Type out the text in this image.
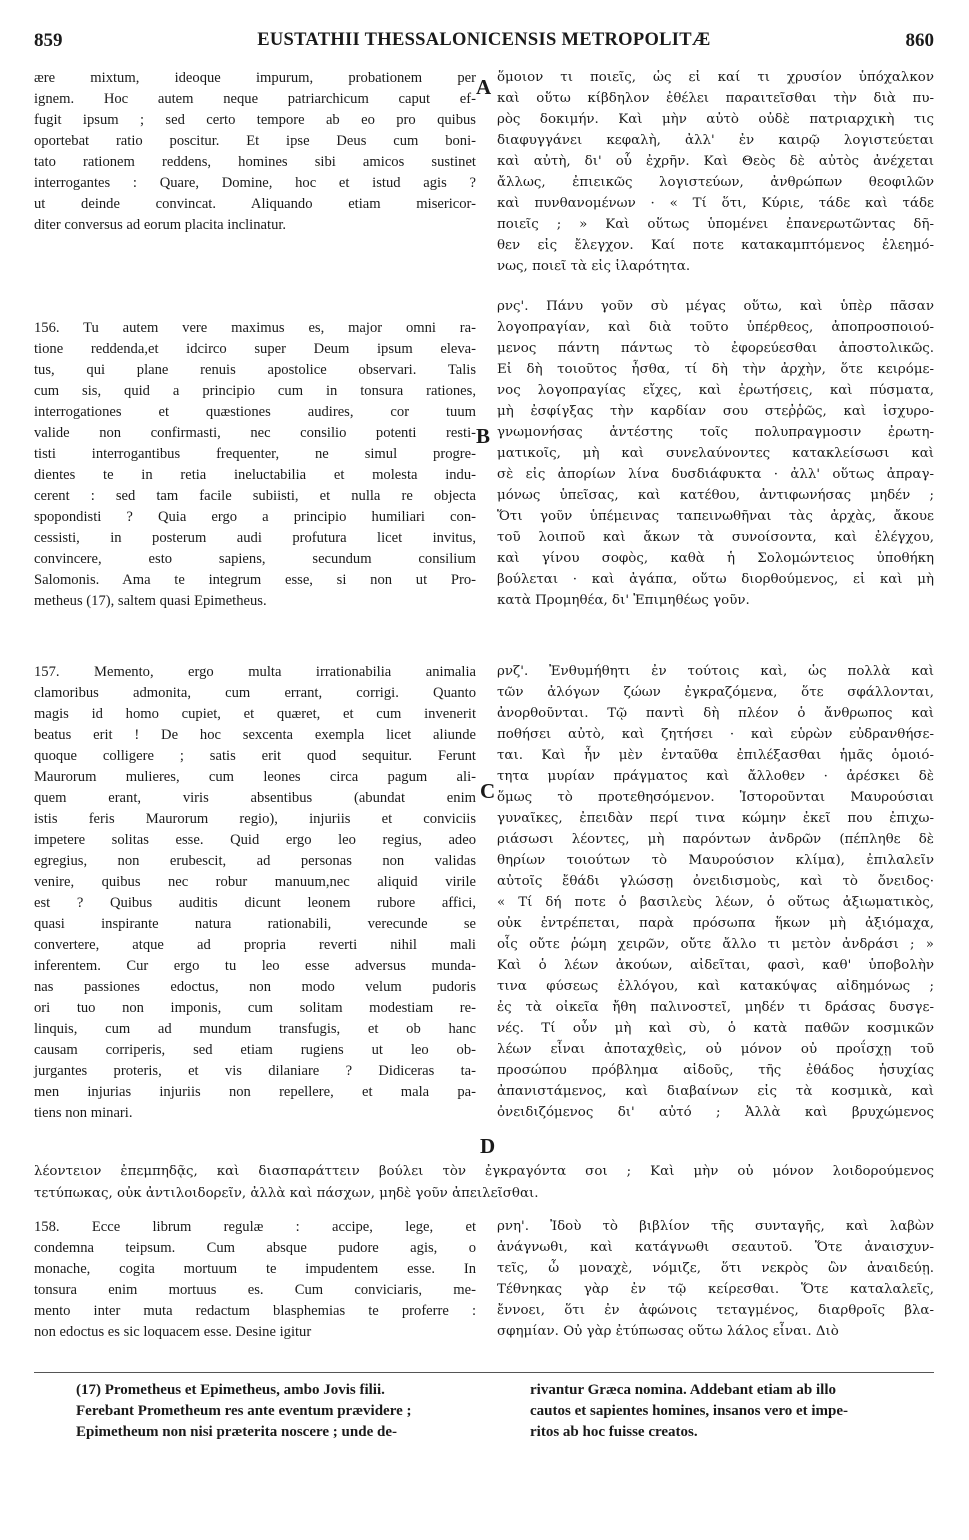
859	EUSTATHII THESSALONICENSIS METROPOLITÆ	860
ære mixtum, ideoque impurum, probationem per
ignem. Hoc autem neque patriarchicum caput ef-
fugit ipsum ; sed certo tempore ab eo pro quibus
oportebat ratio poscitur. Et ipse Deus cum boni-
tato rationem reddens, homines sibi amicos sustinet
interrogantes : Quare, Domine, hoc et istud agis ?
ut deinde convincat. Aliquando etiam misericor-
diter conversus ad eorum placita inclinatur.
156. Tu autem vere maximus es, major omni ra-
tione reddenda,et idcirco super Deum ipsum eleva-
tus, qui plane renuis apostolice observari. Talis
cum sis, quid a principio cum in tonsura rationes,
interrogationes et quæstiones audires, cor tuum
valide non confirmasti, nec consilio potenti resti-
tisti interrogantibus frequenter, ne simul progre-
dientes te in retia ineluctabilia et molesta indu-
cerent : sed tam facile subiisti, et nulla re objecta
spopondisti ? Quia ergo a principio humiliari con-
cessisti, in posterum audi profutura licet invitus,
convincere, esto sapiens, secundum consilium
Salomonis. Ama te integrum esse, si non ut Pro-
metheus (17), saltem quasi Epimetheus.
157. Memento, ergo multa irrationabilia animalia
clamoribus admonita, cum errant, corrigi. Quanto
magis id homo cupiet, et quæret, et cum invenerit
beatus erit ! De hoc sexcenta exempla licet aliunde
quoque colligere ; satis erit quod sequitur. Ferunt
Maurorum mulieres, cum leones circa pagum ali-
quem erant, viris absentibus (abundat enim
istis feris Maurorum regio), injuriis et conviciis
impetere solitas esse. Quid ergo leo regius, adeo
egregius, non erubescit, ad personas non validas
venire, quibus nec robur manuum,nec aliquid virile
est ? Quibus auditis dicunt leonem rubore affici,
quasi inspirante natura rationabili, verecunde se
convertere, atque ad propria reverti nihil mali
inferentem. Cur ergo tu leo esse adversus munda-
nas passiones edoctus, non modo velum pudoris
ori tuo non imponis, cum solitam modestiam re-
linquis, cum ad mundum transfugis, et ob hanc
causam corriperis, sed etiam rugiens ut leo ob-
jurgantes proteris, et vis dilaniare ? Didiceras ta-
men injurias injuriis non repellere, et mala pa-
tiens non minari.
158. Ecce librum regulæ : accipe, lege, et
condemna teipsum. Cum absque pudore agis, o
monache, cogita mortuum te impudentem esse. In
tonsura enim mortuus es. Cum conviciaris, me-
mento inter muta redactum blasphemias te proferre :
non edoctus es sic loquacem esse. Desine igitur
ὅμοιον τι ποιεῖς, ὡς εἰ καί τι χρυσίον ὑπόχαλκον
καὶ οὕτω κίβδηλον ἐθέλει παραιτεῖσθαι τὴν διὰ πυ-
ρὸς δοκιμήν. Καὶ μὴν αὐτὸ οὐδὲ πατριαρχικὴ τις
διαφυγγάνει κεφαλὴ, ἀλλ' ἐν καιρῷ λογιστεύεται
καὶ αὐτὴ, δι' οὗ ἐχρῆν. Καὶ Θεὸς δὲ αὐτὸς ἀνέχεται
ἄλλως, ἐπιεικῶς λογιστεύων, ἀνθρώπων θεοφιλῶν
καὶ πυνθανομένων · « Τί ὅτι, Κύριε, τάδε καὶ τάδε
ποιεῖς ; » Καὶ οὕτως ὑπομένει ἐπανερωτῶντας δῆ-
θεν εἰς ἔλεγχον. Καί ποτε κατακαμπτόμενος ἐλεημό-
νως, ποιεῖ τὰ εἰς ἱλαρότητα.
ρνς'. Πάνυ γοῦν σὺ μέγας οὕτω, καὶ ὑπὲρ πᾶσαν
λογοπραγίαν, καὶ διὰ τοῦτο ὑπέρθεος, ἀποπροσποιού-
μενος πάντη πάντως τὸ ἐφορεύεσθαι ἀποστολικῶς.
Εἰ δὴ τοιοῦτος ἦσθα, τί δὴ τὴν ἀρχὴν, ὅτε κειρόμε-
νος λογοπραγίας εἴχες, καὶ ἐρωτήσεις, καὶ πύσματα,
μὴ ἐσφίγξας τὴν καρδίαν σου στεῤῥῶς, καὶ ἰσχυρο-
γνωμονήσας ἀντέστης τοῖς πολυπραγμοσιν ἐρωτη-
ματικοῖς, μὴ καὶ συνελαύνοντες κατακλείσωσι καὶ
σὲ εἰς ἀπορίων λίνα δυσδιάφυκτα · ἀλλ' οὕτως ἀπραγ-
μόνως ὑπεῖσας, καὶ κατέθου, ἀντιφωνήσας μηδέν ;
Ὅτι γοῦν ὑπέμεινας ταπεινωθῆναι τὰς ἀρχὰς, ἄκουε
τοῦ λοιποῦ καὶ ἄκων τὰ συνοίσοντα, καὶ ἐλέγχου,
καὶ γίνου σοφὸς, καθὰ ἡ Σολομώντειος ὑποθήκη
βούλεται · καὶ ἀγάπα, οὕτω διορθούμενος, εἰ καὶ μὴ
κατὰ Προμηθέα, δι' Ἐπιμηθέως γοῦν.
ρνζ'. Ἐνθυμήθητι ἐν τούτοις καὶ, ὡς πολλὰ καὶ
τῶν ἀλόγων ζώων ἐγκραζόμενα, ὅτε σφάλλονται,
ἀνορθοῦνται. Τῷ παντὶ δὴ πλέον ὁ ἄνθρωπος καὶ
ποθήσει αὐτὸ, καὶ ζητήσει · καὶ εὑρὼν εὐδρανθήσε-
ται. Καὶ ἦν μὲν ἐνταῦθα ἐπιλέξασθαι ἡμᾶς ὁμοιό-
τητα μυρίαν πράγματος καὶ ἄλλοθεν · ἀρέσκει δὲ
ὅμως τὸ προτεθησόμενον. Ἱστοροῦνται Μαυρούσιαι
γυναῖκες, ἐπειδὰν περί τινα κώμην ἐκεῖ που ἐπιχω-
ριάσωσι λέοντες, μὴ παρόντων ἀνδρῶν (πέπληθε δὲ
θηρίων τοιούτων τὸ Μαυρούσιον κλίμα), ἐπιλαλεῖν
αὐτοῖς ἔθάδι γλώσσῃ ὀνειδισμοὺς, καὶ τὸ ὄνειδος·
« Τί δή ποτε ὁ βασιλεὺς λέων, ὁ οὕτως ἀξιωματικὸς,
οὐκ ἐντρέπεται, παρὰ πρόσωπα ἥκων μὴ ἀξιόμαχα,
οἷς οὔτε ῥώμη χειρῶν, οὔτε ἄλλο τι μετὸν ἀνδράσι ; »
Καὶ ὁ λέων ἀκούων, αἰδεῖται, φασὶ, καθ' ὑποβολὴν
τινα φύσεως ἐλλόγου, καὶ κατακύψας αἰδημόνως ;
ἐς τὰ οἰκεῖα ἤθη παλινοστεῖ, μηδέν τι δράσας δυσγε-
νές. Τί οὖν μὴ καὶ σὺ, ὁ κατὰ παθῶν κοσμικῶν
λέων εἶναι ἀποταχθεὶς, οὐ μόνον οὐ προΐσχῃ τοῦ
προσώπου πρόβλημα αἰδοῦς, τῆς ἐθάδος ἡσυχίας
ἀπανιστάμενος, καὶ διαβαίνων εἰς τὰ κοσμικὰ, καὶ
ὀνειδιζόμενος δι' αὐτό ; Ἀλλὰ καὶ βρυχώμενος
ρνη'. Ἰδοὺ τὸ βιβλίον τῆς συνταγῆς, καὶ λαβὼν
ἀνάγνωθι, καὶ κατάγνωθι σεαυτοῦ. Ὅτε ἀναισχυν-
τεῖς, ὦ μοναχὲ, νόμιζε, ὅτι νεκρὸς ὢν ἀναιδεύῃ.
Τέθνηκας γὰρ ἐν τῷ κείρεσθαι. Ὅτε καταλαλεῖς,
ἔννοει, ὅτι ἐν ἀφώνοις τεταγμένος, διαρθροῖς βλα-
σφημίαν. Οὐ γὰρ ἐτύπωσας οὕτω λάλος εἶναι. Διὸ
λέοντειον ἐπεμπηδᾷς, καὶ διασπαράττειν βούλει τὸν ἐγκραγόντα σοι ; Καὶ μὴν οὐ μόνον λοιδορούμενος
τετύπωκας, οὐκ ἀντιλοιδορεῖν, ἀλλὰ καὶ πάσχων, μηδὲ γοῦν ἀπειλεῖσθαι.
A
B
C
D
(17) Prometheus et Epimetheus, ambo Jovis filii.
Ferebant Prometheum res ante eventum prævidere ;
Epimetheum non nisi præterita noscere ; unde de-
rivantur Græca nomina. Addebant etiam ab illo
cautos et sapientes homines, insanos vero et impe-
ritos ab hoc fuisse creatos.
